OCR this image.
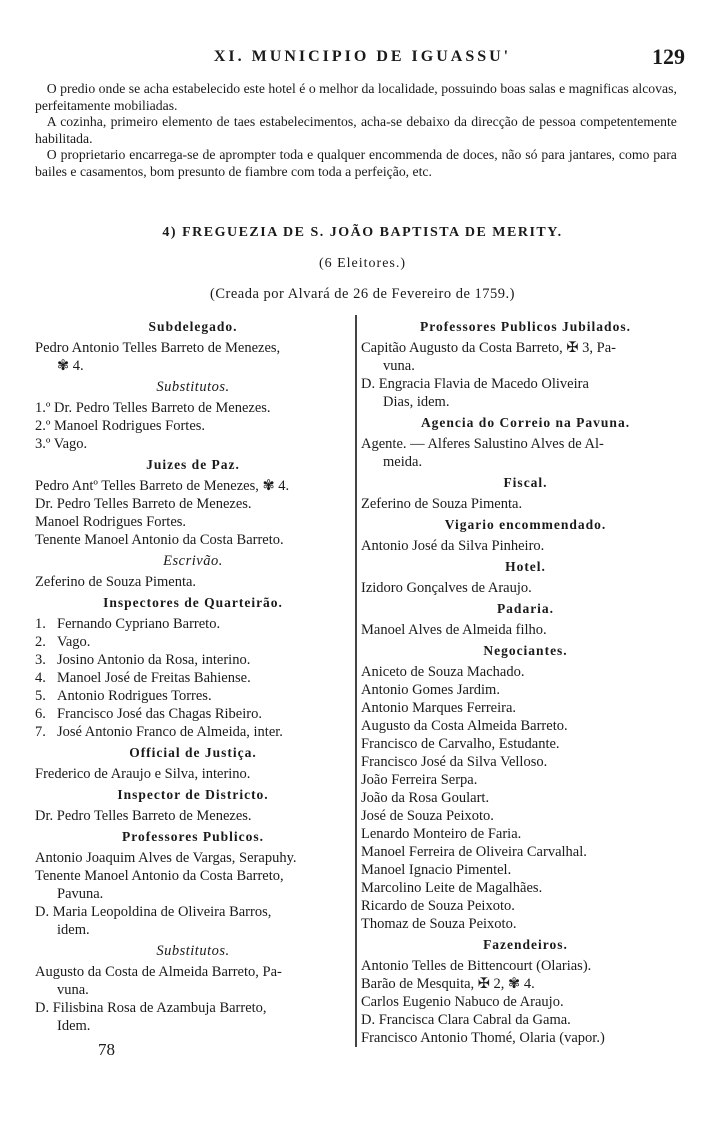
XI. MUNICIPIO DE IGUASSU'	129

O predio onde se acha estabelecido este hotel é o melhor da localidade, possuindo boas salas e magnificas alcovas, perfeitamente mobiliadas.

A cozinha, primeiro elemento de taes estabelecimentos, acha-se debaixo da direcção de pessoa competentemente habilitada.

O proprietario encarrega-se de aprompter toda e qualquer encommenda de doces, não só para jantares, como para bailes e casamentos, bom presunto de fiambre com toda a perfeição, etc.

4) FREGUEZIA DE S. JOÃO BAPTISTA DE MERITY.
(6 Eleitores.)
(Creada por Alvará de 26 de Fevereiro de 1759.)
Subdelegado.
Pedro Antonio Telles Barreto de Menezes,
✾ 4.
Substitutos.
1.º Dr. Pedro Telles Barreto de Menezes.
2.º Manoel Rodrigues Fortes.
3.º Vago.
Juizes de Paz.
Pedro Antº Telles Barreto de Menezes, ✾ 4.
Dr. Pedro Telles Barreto de Menezes.
Manoel Rodrigues Fortes.
Tenente Manoel Antonio da Costa Barreto.
Escrivão.
Zeferino de Souza Pimenta.
Inspectores de Quarteirão.
1. Fernando Cypriano Barreto.
2. Vago.
3. Josino Antonio da Rosa, interino.
4. Manoel José de Freitas Bahiense.
5. Antonio Rodrigues Torres.
6. Francisco José das Chagas Ribeiro.
7. José Antonio Franco de Almeida, inter.
Official de Justiça.
Frederico de Araujo e Silva, interino.
Inspector de Districto.
Dr. Pedro Telles Barreto de Menezes.
Professores Publicos.
Antonio Joaquim Alves de Vargas, Serapuhy.
Tenente Manoel Antonio da Costa Barreto,
Pavuna.
D. Maria Leopoldina de Oliveira Barros,
idem.
Substitutos.
Augusto da Costa de Almeida Barreto, Pa-
vuna.
D. Filisbina Rosa de Azambuja Barreto,
Idem.
Professores Publicos Jubilados.
Capitão Augusto da Costa Barreto, ✠ 3, Pa-
vuna.
D. Engracia Flavia de Macedo Oliveira
Dias, idem.
Agencia do Correio na Pavuna.
Agente. — Alferes Salustino Alves de Al-
meida.
Fiscal.
Zeferino de Souza Pimenta.
Vigario encommendado.
Antonio José da Silva Pinheiro.
Hotel.
Izidoro Gonçalves de Araujo.
Padaria.
Manoel Alves de Almeida filho.
Negociantes.
Aniceto de Souza Machado.
Antonio Gomes Jardim.
Antonio Marques Ferreira.
Augusto da Costa Almeida Barreto.
Francisco de Carvalho, Estudante.
Francisco José da Silva Velloso.
João Ferreira Serpa.
João da Rosa Goulart.
José de Souza Peixoto.
Lenardo Monteiro de Faria.
Manoel Ferreira de Oliveira Carvalhal.
Manoel Ignacio Pimentel.
Marcolino Leite de Magalhães.
Ricardo de Souza Peixoto.
Thomaz de Souza Peixoto.
Fazendeiros.
Antonio Telles de Bittencourt (Olarias).
Barão de Mesquita, ✠ 2, ✾ 4.
Carlos Eugenio Nabuco de Araujo.
D. Francisca Clara Cabral da Gama.
Francisco Antonio Thomé, Olaria (vapor.)
78
